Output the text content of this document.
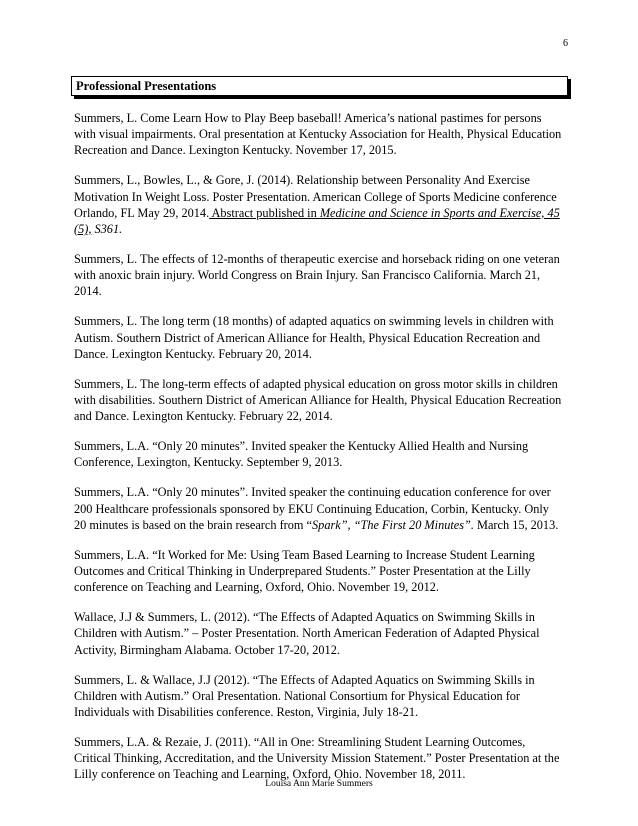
6
Professional Presentations

Summers, L. Come Learn How to Play Beep baseball! America’s national pastimes for persons with visual impairments. Oral presentation at Kentucky Association for Health, Physical Education Recreation and Dance. Lexington Kentucky. November 17, 2015.

Summers, L., Bowles, L., & Gore, J. (2014). Relationship between Personality And Exercise Motivation In Weight Loss. Poster Presentation. American College of Sports Medicine conference Orlando, FL May 29, 2014. Abstract published in Medicine and Science in Sports and Exercise, 45 (5), S361.

Summers, L. The effects of 12-months of therapeutic exercise and horseback riding on one veteran with anoxic brain injury. World Congress on Brain Injury. San Francisco California. March 21, 2014.

Summers, L. The long term (18 months) of adapted aquatics on swimming levels in children with Autism. Southern District of American Alliance for Health, Physical Education Recreation and Dance. Lexington Kentucky. February 20, 2014.

Summers, L. The long-term effects of adapted physical education on gross motor skills in children with disabilities. Southern District of American Alliance for Health, Physical Education Recreation and Dance. Lexington Kentucky. February 22, 2014.

Summers, L.A. “Only 20 minutes”. Invited speaker the Kentucky Allied Health and Nursing Conference, Lexington, Kentucky. September 9, 2013.

Summers, L.A. “Only 20 minutes”. Invited speaker the continuing education conference for over 200 Healthcare professionals sponsored by EKU Continuing Education, Corbin, Kentucky. Only 20 minutes is based on the brain research from “Spark”, “The First 20 Minutes”. March 15, 2013.

Summers, L.A. “It Worked for Me: Using Team Based Learning to Increase Student Learning Outcomes and Critical Thinking in Underprepared Students.” Poster Presentation at the Lilly conference on Teaching and Learning, Oxford, Ohio. November 19, 2012.

Wallace, J.J & Summers, L. (2012). “The Effects of Adapted Aquatics on Swimming Skills in Children with Autism.” – Poster Presentation. North American Federation of Adapted Physical Activity, Birmingham Alabama. October 17-20, 2012.

Summers, L. & Wallace, J.J (2012). “The Effects of Adapted Aquatics on Swimming Skills in Children with Autism.” Oral Presentation. National Consortium for Physical Education for Individuals with Disabilities conference. Reston, Virginia, July 18-21.

Summers, L.A. & Rezaie, J. (2011). “All in One: Streamlining Student Learning Outcomes, Critical Thinking, Accreditation, and the University Mission Statement.” Poster Presentation at the Lilly conference on Teaching and Learning, Oxford, Ohio. November 18, 2011.

Louisa Ann Marie Summers
